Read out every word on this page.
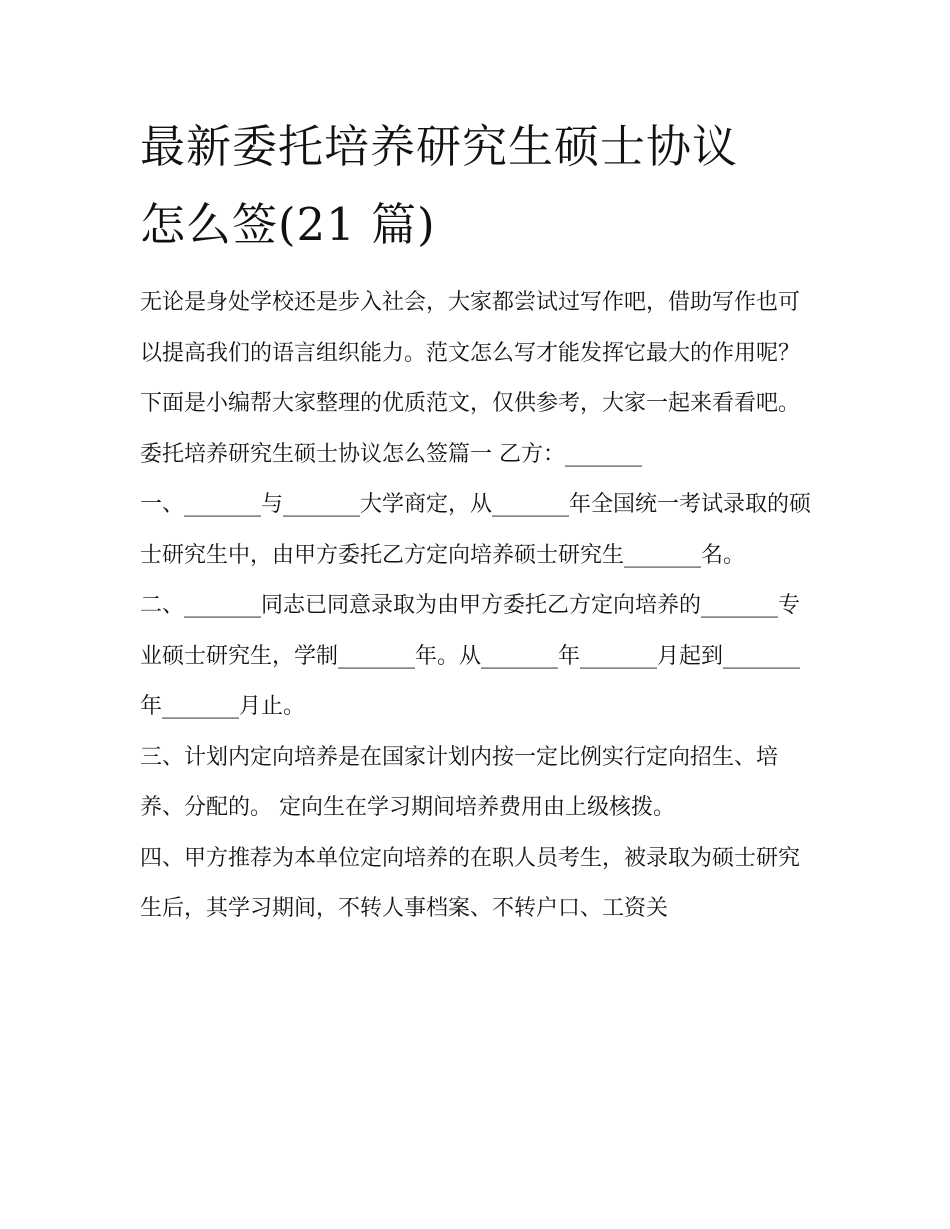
最新委托培养研究生硕士协议
怎么签(21 篇)

无论是身处学校还是步入社会，大家都尝试过写作吧，借助写作也可以提高我们的语言组织能力。范文怎么写才能发挥它最大的作用呢？下面是小编帮大家整理的优质范文，仅供参考，大家一起来看看吧。

委托培养研究生硕士协议怎么签篇一 乙方：_______

一、_______与_______大学商定，从_______年全国统一考试录取的硕士研究生中，由甲方委托乙方定向培养硕士研究生_______名。

二、_______同志已同意录取为由甲方委托乙方定向培养的_______专业硕士研究生，学制_______年。从_______年_______月起到_______年_______月止。

三、计划内定向培养是在国家计划内按一定比例实行定向招生、培养、分配的。 定向生在学习期间培养费用由上级核拨。

四、甲方推荐为本单位定向培养的在职人员考生，被录取为硕士研究生后，其学习期间，不转人事档案、不转户口、工资关
